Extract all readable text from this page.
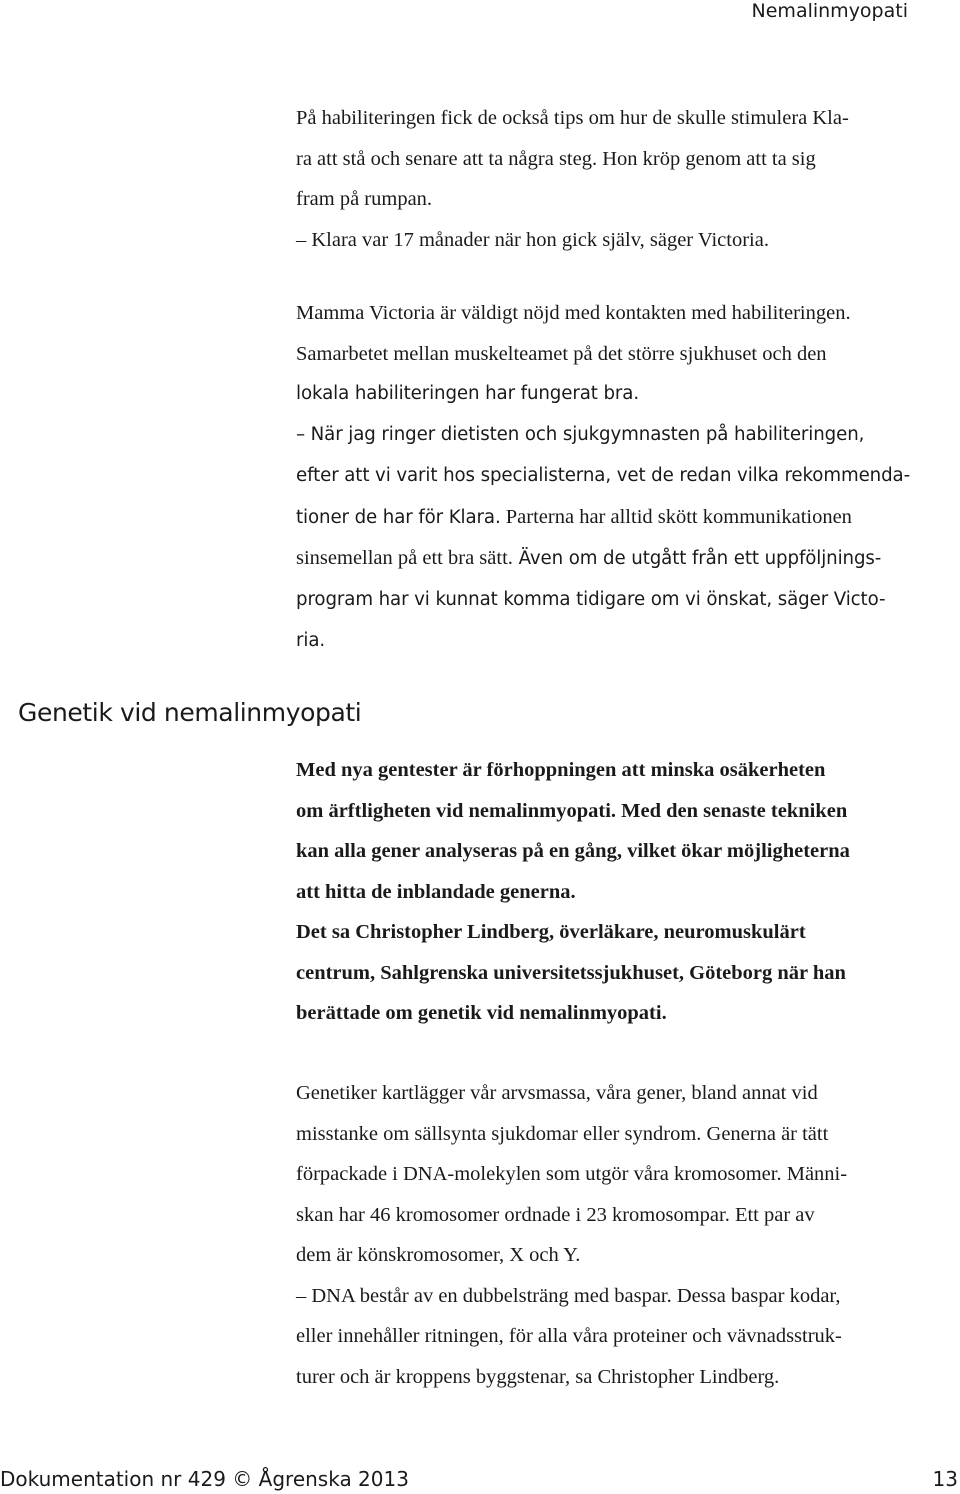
Nemalinmyopati

På habiliteringen fick de också tips om hur de skulle stimulera Kla-

ra att stå och senare att ta några steg. Hon kröp genom att ta sig

fram på rumpan.

– Klara var 17 månader när hon gick själv, säger Victoria.

Mamma Victoria är väldigt nöjd med kontakten med habiliteringen.

Samarbetet mellan muskelteamet på det större sjukhuset och den

lokala habiliteringen har fungerat bra.

– När jag ringer dietisten och sjukgymnasten på habiliteringen,

efter att vi varit hos specialisterna, vet de redan vilka rekommenda-

tioner de har för Klara. Parterna har alltid skött kommunikationen

sinsemellan på ett bra sätt. Även om de utgått från ett uppföljnings-

program har vi kunnat komma tidigare om vi önskat, säger Victo-

ria.

Genetik vid nemalinmyopati

Med nya gentester är förhoppningen att minska osäkerheten

om ärftligheten vid nemalinmyopati. Med den senaste tekniken

kan alla gener analyseras på en gång, vilket ökar möjligheterna

att hitta de inblandade generna.

Det sa Christopher Lindberg, överläkare, neuromuskulärt

centrum, Sahlgrenska universitetssjukhuset, Göteborg när han

berättade om genetik vid nemalinmyopati.

Genetiker kartlägger vår arvsmassa, våra gener, bland annat vid

misstanke om sällsynta sjukdomar eller syndrom. Generna är tätt

förpackade i DNA-molekylen som utgör våra kromosomer. Männi-

skan har 46 kromosomer ordnade i 23 kromosompar. Ett par av

dem är könskromosomer, X och Y.

– DNA består av en dubbelsträng med baspar. Dessa baspar kodar,

eller innehåller ritningen, för alla våra proteiner och vävnadsstruk-

turer och är kroppens byggstenar, sa Christopher Lindberg.

Dokumentation nr 429 © Ågrenska 2013	13
